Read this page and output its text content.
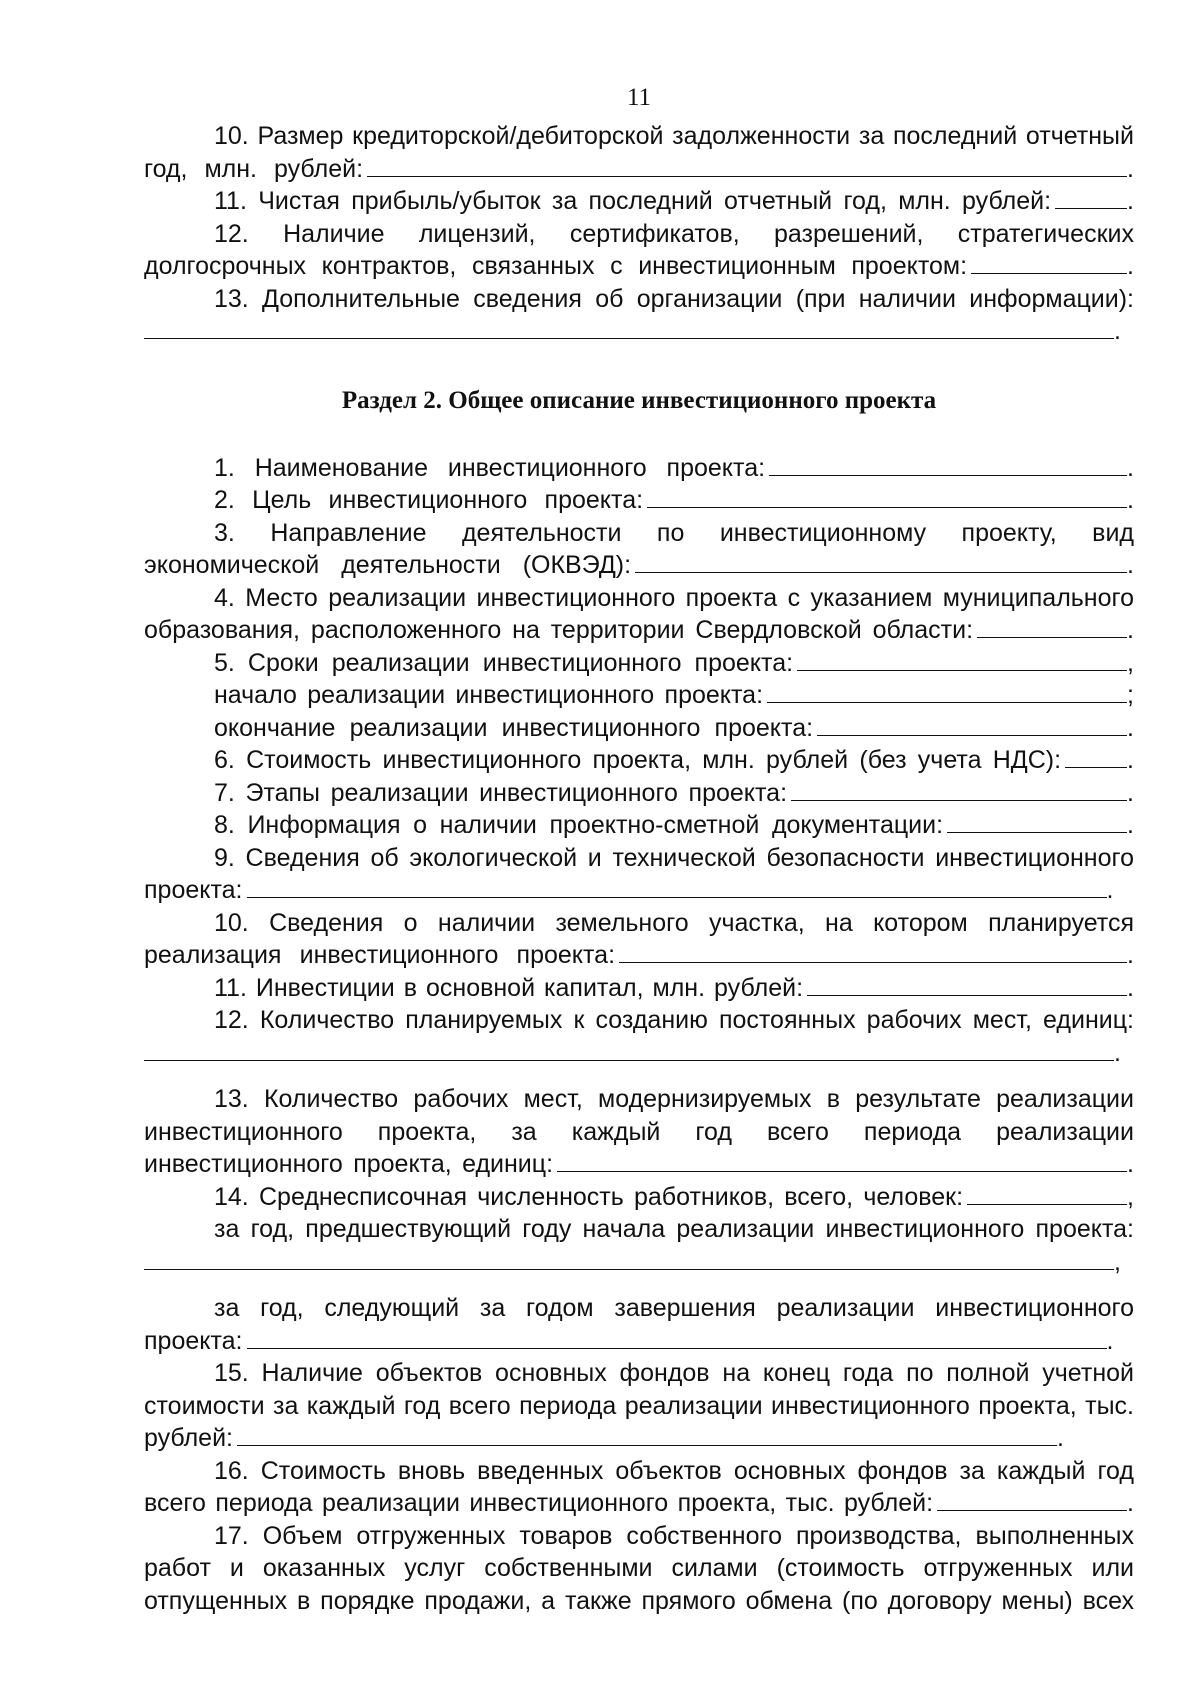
11
10. Размер кредиторской/дебиторской задолженности за последний отчетный
год, млн. рублей:	.
11. Чистая прибыль/убыток за последний отчетный год, млн. рублей:	.
12. Наличие лицензий, сертификатов, разрешений, стратегических
долгосрочных контрактов, связанных с инвестиционным проектом:	.
13. Дополнительные сведения об организации (при наличии информации):
.
Раздел 2. Общее описание инвестиционного проекта
1. Наименование инвестиционного проекта:	.
2. Цель инвестиционного проекта:	.
3. Направление деятельности по инвестиционному проекту, вид
экономической деятельности (ОКВЭД):	.
4. Место реализации инвестиционного проекта с указанием муниципального
образования, расположенного на территории Свердловской области:	.
5. Сроки реализации инвестиционного проекта:	,
начало реализации инвестиционного проекта:	;
окончание реализации инвестиционного проекта:	.
6. Стоимость инвестиционного проекта, млн. рублей (без учета НДС):	.
7. Этапы реализации инвестиционного проекта:	.
8. Информация о наличии проектно-сметной документации:	.
9. Сведения об экологической и технической безопасности инвестиционного
проекта:	.
10. Сведения о наличии земельного участка, на котором планируется
реализация инвестиционного проекта:	.
11. Инвестиции в основной капитал, млн. рублей:	.
12. Количество планируемых к созданию постоянных рабочих мест, единиц:
.
13. Количество рабочих мест, модернизируемых в результате реализации
инвестиционного проекта, за каждый год всего периода реализации
инвестиционного проекта, единиц:	.
14. Среднесписочная численность работников, всего, человек:	,
за год, предшествующий году начала реализации инвестиционного проекта:
,
за год, следующий за годом завершения реализации инвестиционного
проекта:	.
15. Наличие объектов основных фондов на конец года по полной учетной
стоимости за каждый год всего периода реализации инвестиционного проекта, тыс.
рублей:	.
16. Стоимость вновь введенных объектов основных фондов за каждый год
всего периода реализации инвестиционного проекта, тыс. рублей:	.
17. Объем отгруженных товаров собственного производства, выполненных
работ и оказанных услуг собственными силами (стоимость отгруженных или
отпущенных в порядке продажи, а также прямого обмена (по договору мены) всех
